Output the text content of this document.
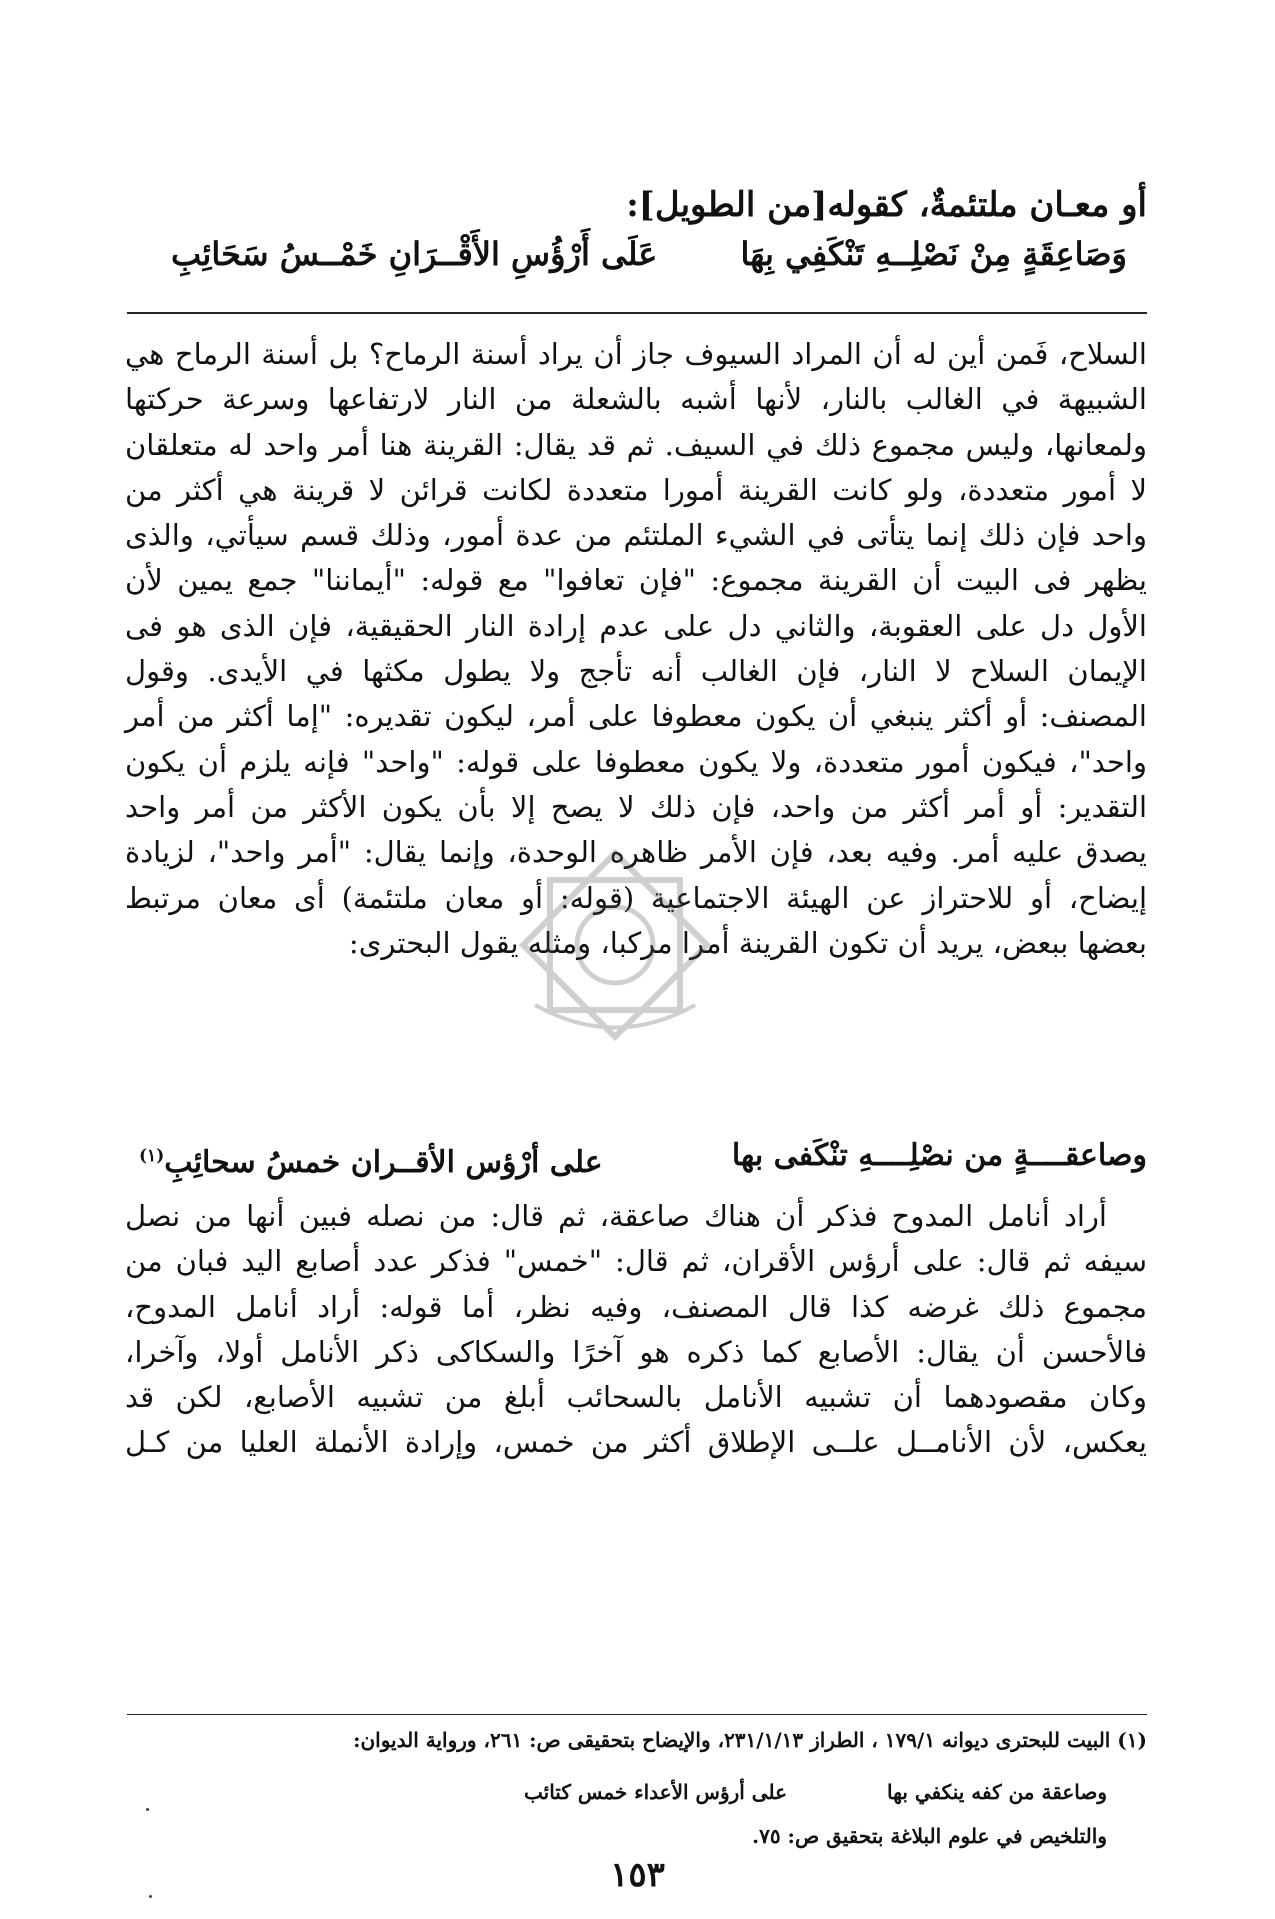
أو معـان ملتئمةٌ، كقوله[من الطويل]:
وَصَاعِقَةٍ مِنْ نَصْلِــهِ تَنْكَفِي بِهَا
عَلَى أَرْؤُسِ الأَقْــرَانِ خَمْــسُ سَحَائِبِ
السلاح، فَمن أين له أن المراد السيوف جاز أن يراد أسنة الرماح؟ بل أسنة الرماح هي
الشبيهة في الغالب بالنار، لأنها أشبه بالشعلة من النار لارتفاعها وسرعة حركتها
ولمعانها، وليس مجموع ذلك في السيف. ثم قد يقال: القرينة هنا أمر واحد له متعلقان
لا أمور متعددة، ولو كانت القرينة أمورا متعددة لكانت قرائن لا قرينة هي أكثر من
واحد فإن ذلك إنما يتأتى في الشيء الملتئم من عدة أمور، وذلك قسم سيأتي، والذى
يظهر فى البيت أن القرينة مجموع: "فإن تعافوا" مع قوله: "أيماننا" جمع يمين لأن
الأول دل على العقوبة، والثاني دل على عدم إرادة النار الحقيقية، فإن الذى هو فى
الإيمان السلاح لا النار، فإن الغالب أنه تأجج ولا يطول مكثها في الأيدى. وقول
المصنف: أو أكثر ينبغي أن يكون معطوفا على أمر، ليكون تقديره: "إما أكثر من أمر
واحد"، فيكون أمور متعددة، ولا يكون معطوفا على قوله: "واحد" فإنه يلزم أن يكون
التقدير: أو أمر أكثر من واحد، فإن ذلك لا يصح إلا بأن يكون الأكثر من أمر واحد
يصدق عليه أمر. وفيه بعد، فإن الأمر ظاهره الوحدة، وإنما يقال: "أمر واحد"، لزيادة
إيضاح، أو للاحتراز عن الهيئة الاجتماعية (قوله: أو معان ملتئمة) أى معان مرتبط
بعضها ببعض، يريد أن تكون القرينة أمرا مركبا، ومثله يقول البحترى:
وصاعقــــةٍ من نصْلِــــهِ تنْكَفى بها
على أرْؤس الأقــران خمسُ سحائِبِ$^{(١)}$
أراد أنامل المدوح فذكر أن هناك صاعقة، ثم قال: من نصله فبين أنها من نصل
سيفه ثم قال: على أرؤس الأقران، ثم قال: "خمس" فذكر عدد أصابع اليد فبان من
مجموع ذلك غرضه كذا قال المصنف، وفيه نظر، أما قوله: أراد أنامل المدوح،
فالأحسن أن يقال: الأصابع كما ذكره هو آخرًا والسكاكى ذكر الأنامل أولا، وآخرا،
وكان مقصودهما أن تشبيه الأنامل بالسحائب أبلغ من تشبيه الأصابع، لكن قد
يعكس، لأن الأنامــل علــى الإطلاق أكثر من خمس، وإرادة الأنملة العليا من كـل
(١) البيت للبحترى ديوانه ١٧٩/١ ، الطراز ٢٣١/١/١٣، والإيضاح بتحقيقى ص: ٢٦١، ورواية الديوان:
وصاعقة من كفه ينكفي بها
على أرؤس الأعداء خمس كتائب
والتلخيص في علوم البلاغة بتحقيق ص: ٧٥.
١٥٣
